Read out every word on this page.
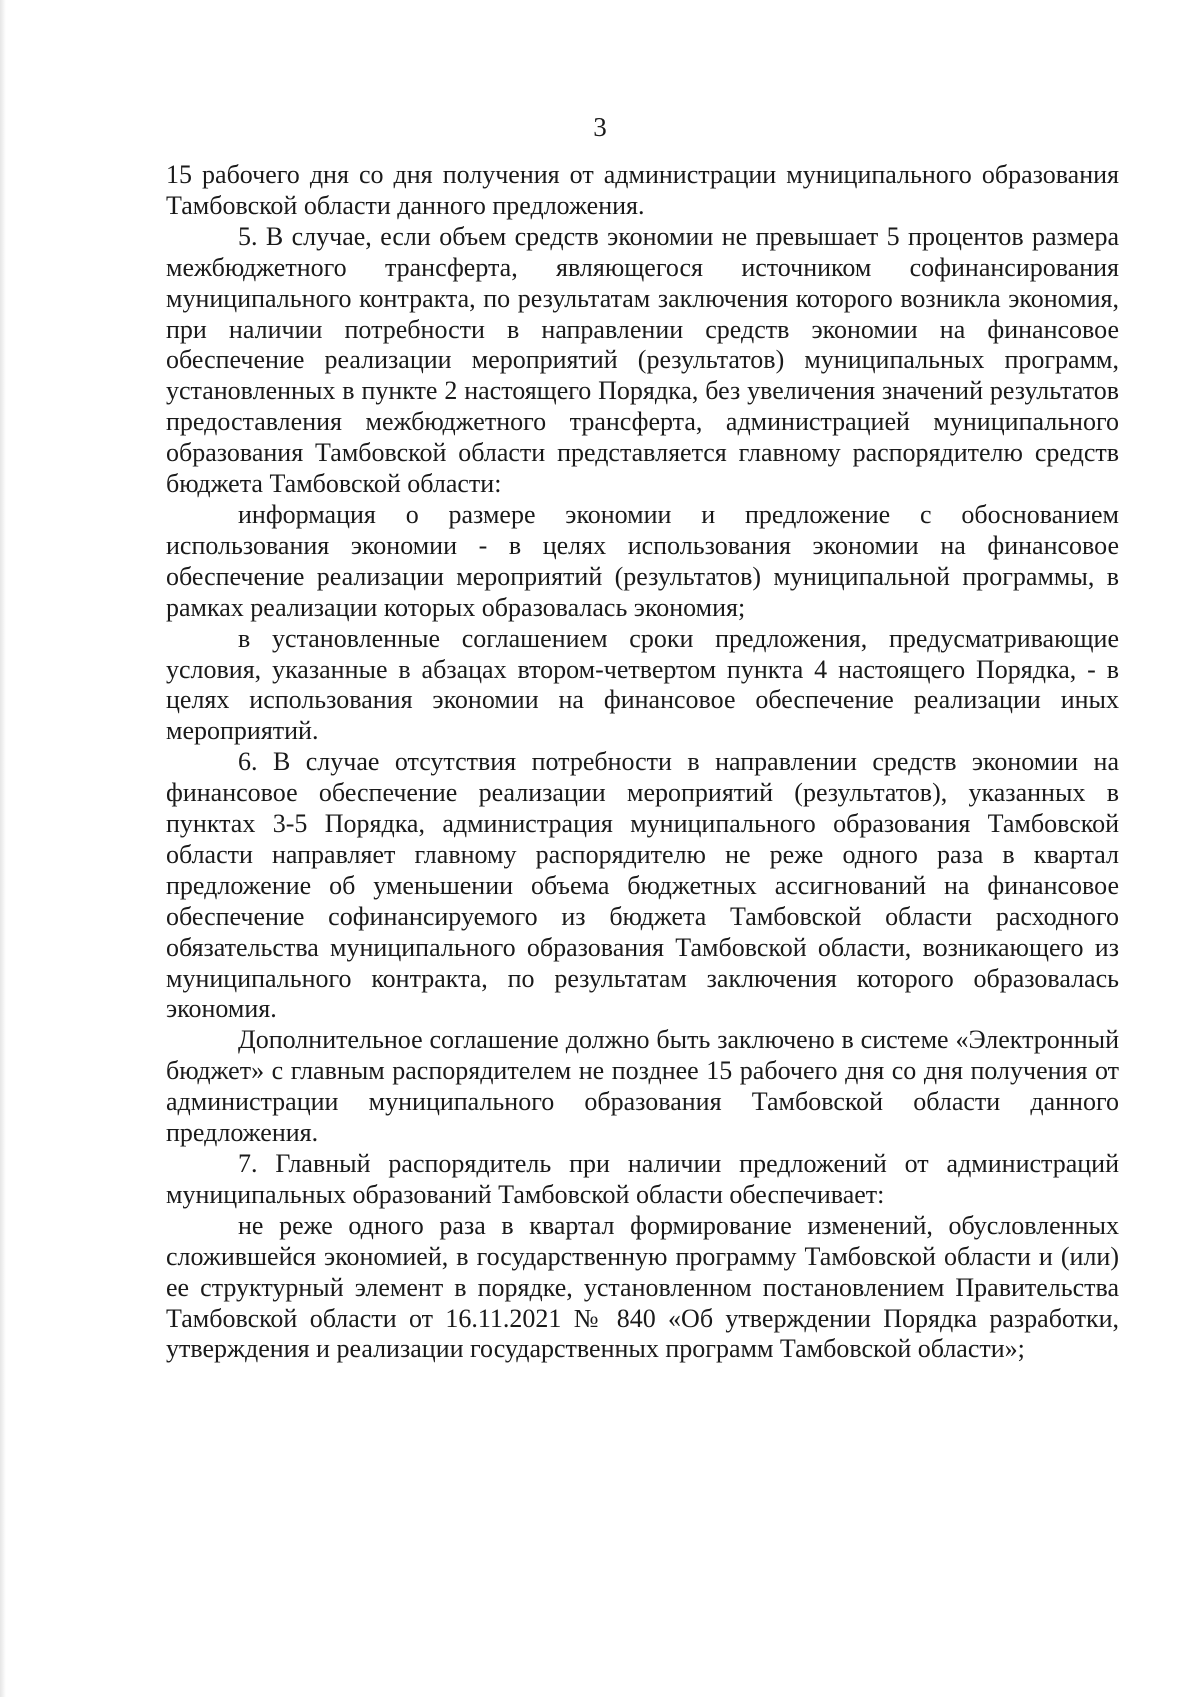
3

15 рабочего дня со дня получения от администрации муниципального образования Тамбовской области данного предложения.

5. В случае, если объем средств экономии не превышает 5 процентов размера межбюджетного трансферта, являющегося источником софинансирования муниципального контракта, по результатам заключения которого возникла экономия, при наличии потребности в направлении средств экономии на финансовое обеспечение реализации мероприятий (результатов) муниципальных программ, установленных в пункте 2 настоящего Порядка, без увеличения значений результатов предоставления межбюджетного трансферта, администрацией муниципального образования Тамбовской области представляется главному распорядителю средств бюджета Тамбовской области:

информация о размере экономии и предложение с обоснованием использования экономии - в целях использования экономии на финансовое обеспечение реализации мероприятий (результатов) муниципальной программы, в рамках реализации которых образовалась экономия;

в установленные соглашением сроки предложения, предусматривающие условия, указанные в абзацах втором-четвертом пункта 4 настоящего Порядка, - в целях использования экономии на финансовое обеспечение реализации иных мероприятий.

6. В случае отсутствия потребности в направлении средств экономии на финансовое обеспечение реализации мероприятий (результатов), указанных в пунктах 3-5 Порядка, администрация муниципального образования Тамбовской области направляет главному распорядителю не реже одного раза в квартал предложение об уменьшении объема бюджетных ассигнований на финансовое обеспечение софинансируемого из бюджета Тамбовской области расходного обязательства муниципального образования Тамбовской области, возникающего из муниципального контракта, по результатам заключения которого образовалась экономия.

Дополнительное соглашение должно быть заключено в системе «Электронный бюджет» с главным распорядителем не позднее 15 рабочего дня со дня получения от администрации муниципального образования Тамбовской области данного предложения.

7. Главный распорядитель при наличии предложений от администраций муниципальных образований Тамбовской области обеспечивает:

не реже одного раза в квартал формирование изменений, обусловленных сложившейся экономией, в государственную программу Тамбовской области и (или) ее структурный элемент в порядке, установленном постановлением Правительства Тамбовской области от 16.11.2021 № 840 «Об утверждении Порядка разработки, утверждения и реализации государственных программ Тамбовской области»;
